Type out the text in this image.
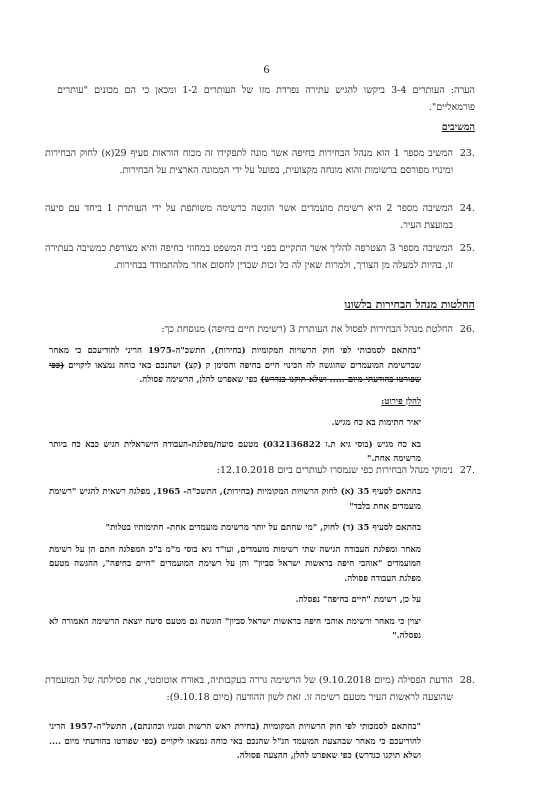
6
הערה: העותרים 3-4 ביקשו להגיש עתירה נפרדת מזו של העותרים 1-2 ומכאן כי הם מכונים "עותרים פורמאליים".
המשיבים
23.
המשיב מספר 1 הוא מנהל הבחירות בחיפה אשר מונה לתפקידו זה מכוח הוראות סעיף 29(א) לחוק הבחירות ומינויו מפורסם ברשומות והוא מונחה מקצועית, בפועל על ידי הממונה הארצית על הבחירות.
24.
המשיבה מספר 2 היא רשימת מועמדים אשר הוגשה כרשימה משותפת על ידי העותרת 1 ביחד עם סיעה במועצת העיר.
25.
המשיבה מספר 3 הצטרפה להליך אשר התקיים בפני בית המשפט במחוזי בחיפה והיא מצורפת כמשיבה בעתירה זו, בהיות למעלה מן הצורך, ולמרות שאין לה כל זכות שבדין לחסום אחר מלהתמודד בבחירות.
החלטות מנהל הבחירות בלשונו
26.
החלטת מנהל הבחירות לפסול את העותרת 3 (רשימת חיים בחיפה) מנוסחת כך:
"בהתאם לסמכותי לפי חוק הרשויות המקומיות (בחירות), התשכ"ה-1975 הריני להודיעכם כי מאחר שברשימת המועמדים שהוגשה לה הכינוי חיים בחיפה והסימן ק (קצ) ושהנכם באי כוחה נמצאו ליקויים (כפי שפורטו בהודעתי מיום ..... ושלא תוקנו כנדרש) כפי שאפרט להלן, הרשימה פסולה.
להלן פירוט:
יאיר חתימות בא כח מגיש.
בא כח מגיש (בוסי גיא ת.ז 032136822) מטעם סיעה/מפלגת-העבודה הישראלית הגיש כבא כח ביותר מרשימה אחת."
27.
נימוקי מנהל הבחירות כפי שנמסרו לעותרים ביום 12.10.2018:
בהתאם לסעיף 35 (א) לחוק הרשויות המקומיות (בחירות), התשכ"ה- 1965, מפלגה רשאית להגיש "רשימת מועמדים אחת בלבד"
בהתאם לסעיף 35 (ד) לחוק, "מי שחתם על יותר מרשימת מועמדים אחת- חתימותיו בטלות"
מאחר ומפלגת העבודה הגישה שתי רשימות מועמדים, ועו"ד גיא בוסי מ"מ ב"כ המפלגה חתם הן על רשימת המועמדים "אוהבי חיפה בראשות ישראל סביון" והן על רשימת המועמדים "חיים בחיפה", ההגשה מטעם מפלגת העבודה פסולה.
על כן, רשימת "חיים בחיפה" נפסלה.
יצוין כי מאחר ורשימת אוהבי חיפה בראשות ישראל סביון" הוגשה גם מטעם סיעה יוצאת הרשימה האמורה לא נפסלה."
28.
הודעת הפסילה (מיום 9.10.2018) של הרשימה גררה בעקבותיה, באורח אוטומטי, את פסילתה של המועמדת שהוצעה לראשות העיר מטעם רשימה זו. זאת לשון ההודעה (מיום 9.10.18):
"בהתאם לסמכותי לפי חוק הרשויות המקומיות (בחירת ראש הרשות וסגניו וכהונתם), התשל"ה-1957 הריני להודיעכם כי מאחר שבהצעת המועמד הנ"ל שהנכם באי כוחה נמצאו ליקויים (כפי שפורטו בהודעתי מיום .... ושלא תוקנו כנדרש) כפי שאפרט להלן, ההצעה פסולה.
